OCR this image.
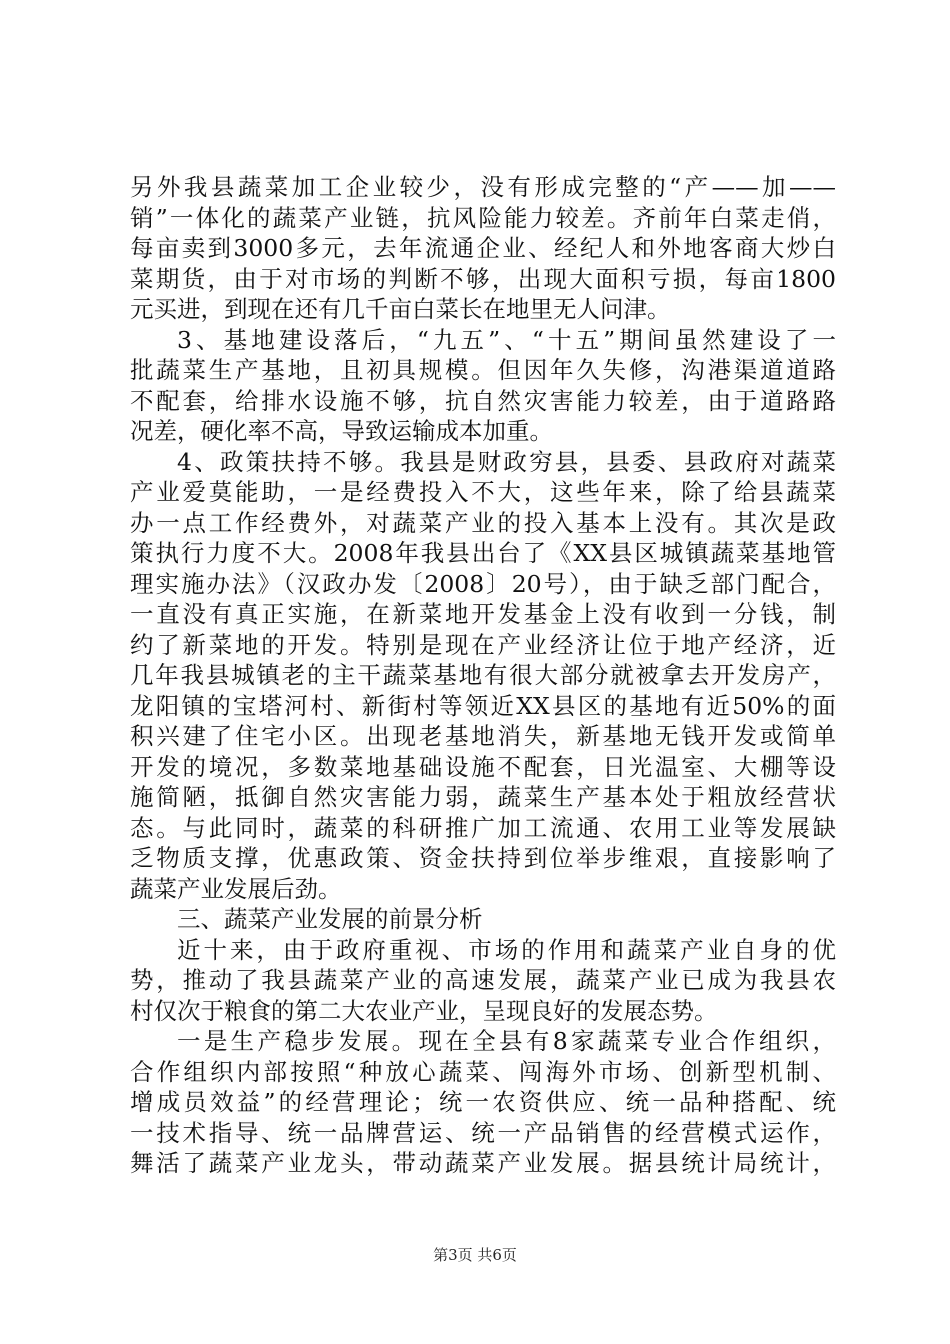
另外我县蔬菜加工企业较少，没有形成完整的“产——加——
销”一体化的蔬菜产业链，抗风险能力较差。齐前年白菜走俏，
每亩卖到3000多元，去年流通企业、经纪人和外地客商大炒白
菜期货，由于对市场的判断不够，出现大面积亏损，每亩1800
元买进，到现在还有几千亩白菜长在地里无人问津。
3、基地建设落后，“九五”、“十五”期间虽然建设了一
批蔬菜生产基地，且初具规模。但因年久失修，沟港渠道道路
不配套，给排水设施不够，抗自然灾害能力较差，由于道路路
况差，硬化率不高，导致运输成本加重。
4、政策扶持不够。我县是财政穷县，县委、县政府对蔬菜
产业爱莫能助，一是经费投入不大，这些年来，除了给县蔬菜
办一点工作经费外，对蔬菜产业的投入基本上没有。其次是政
策执行力度不大。2008年我县出台了《XX县区城镇蔬菜基地管
理实施办法》（汉政办发〔2008〕20号），由于缺乏部门配合，
一直没有真正实施，在新菜地开发基金上没有收到一分钱，制
约了新菜地的开发。特别是现在产业经济让位于地产经济，近
几年我县城镇老的主干蔬菜基地有很大部分就被拿去开发房产，
龙阳镇的宝塔河村、新街村等领近XX县区的基地有近50%的面
积兴建了住宅小区。出现老基地消失，新基地无钱开发或简单
开发的境况，多数菜地基础设施不配套，日光温室、大棚等设
施简陋，抵御自然灾害能力弱，蔬菜生产基本处于粗放经营状
态。与此同时，蔬菜的科研推广加工流通、农用工业等发展缺
乏物质支撑，优惠政策、资金扶持到位举步维艰，直接影响了
蔬菜产业发展后劲。
三、蔬菜产业发展的前景分析
近十来，由于政府重视、市场的作用和蔬菜产业自身的优
势，推动了我县蔬菜产业的高速发展，蔬菜产业已成为我县农
村仅次于粮食的第二大农业产业，呈现良好的发展态势。
一是生产稳步发展。现在全县有8家蔬菜专业合作组织，
合作组织内部按照“种放心蔬菜、闯海外市场、创新型机制、
增成员效益”的经营理论；统一农资供应、统一品种搭配、统
一技术指导、统一品牌营运、统一产品销售的经营模式运作，
舞活了蔬菜产业龙头，带动蔬菜产业发展。据县统计局统计，
第3页 共6页
